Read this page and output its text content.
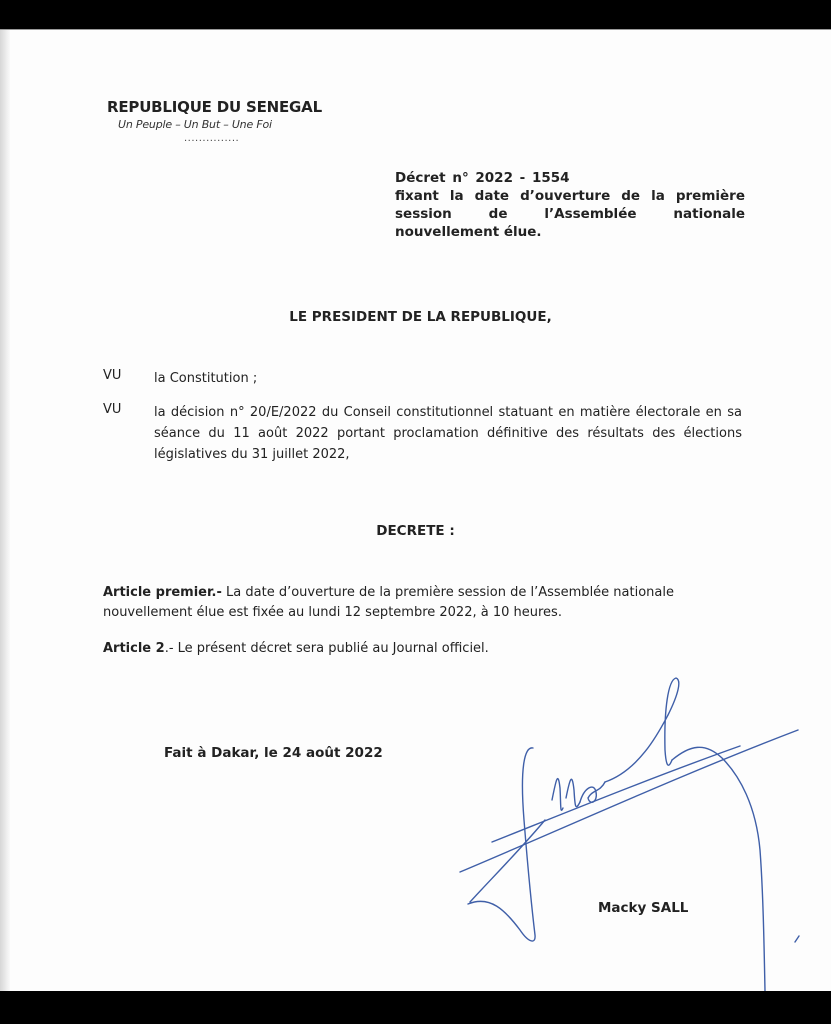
REPUBLIQUE DU SENEGAL
Un Peuple – Un But – Une Foi
...............
Décret n° 2022 - 1554
fixant la date d’ouverture de la première
session de l’Assemblée nationale
nouvellement élue.
LE PRESIDENT DE LA REPUBLIQUE,
VU	la Constitution ;
VU	la décision n° 20/E/2022 du Conseil constitutionnel statuant en matière électorale en sa séance du 11 août 2022 portant proclamation définitive des résultats des élections législatives du 31 juillet 2022,
DECRETE :
Article premier.- La date d’ouverture de la première session de l’Assemblée nationale nouvellement élue est fixée au lundi 12 septembre 2022, à 10 heures.
Article 2.- Le présent décret sera publié au Journal officiel.
Fait à Dakar, le 24 août 2022
Macky SALL
